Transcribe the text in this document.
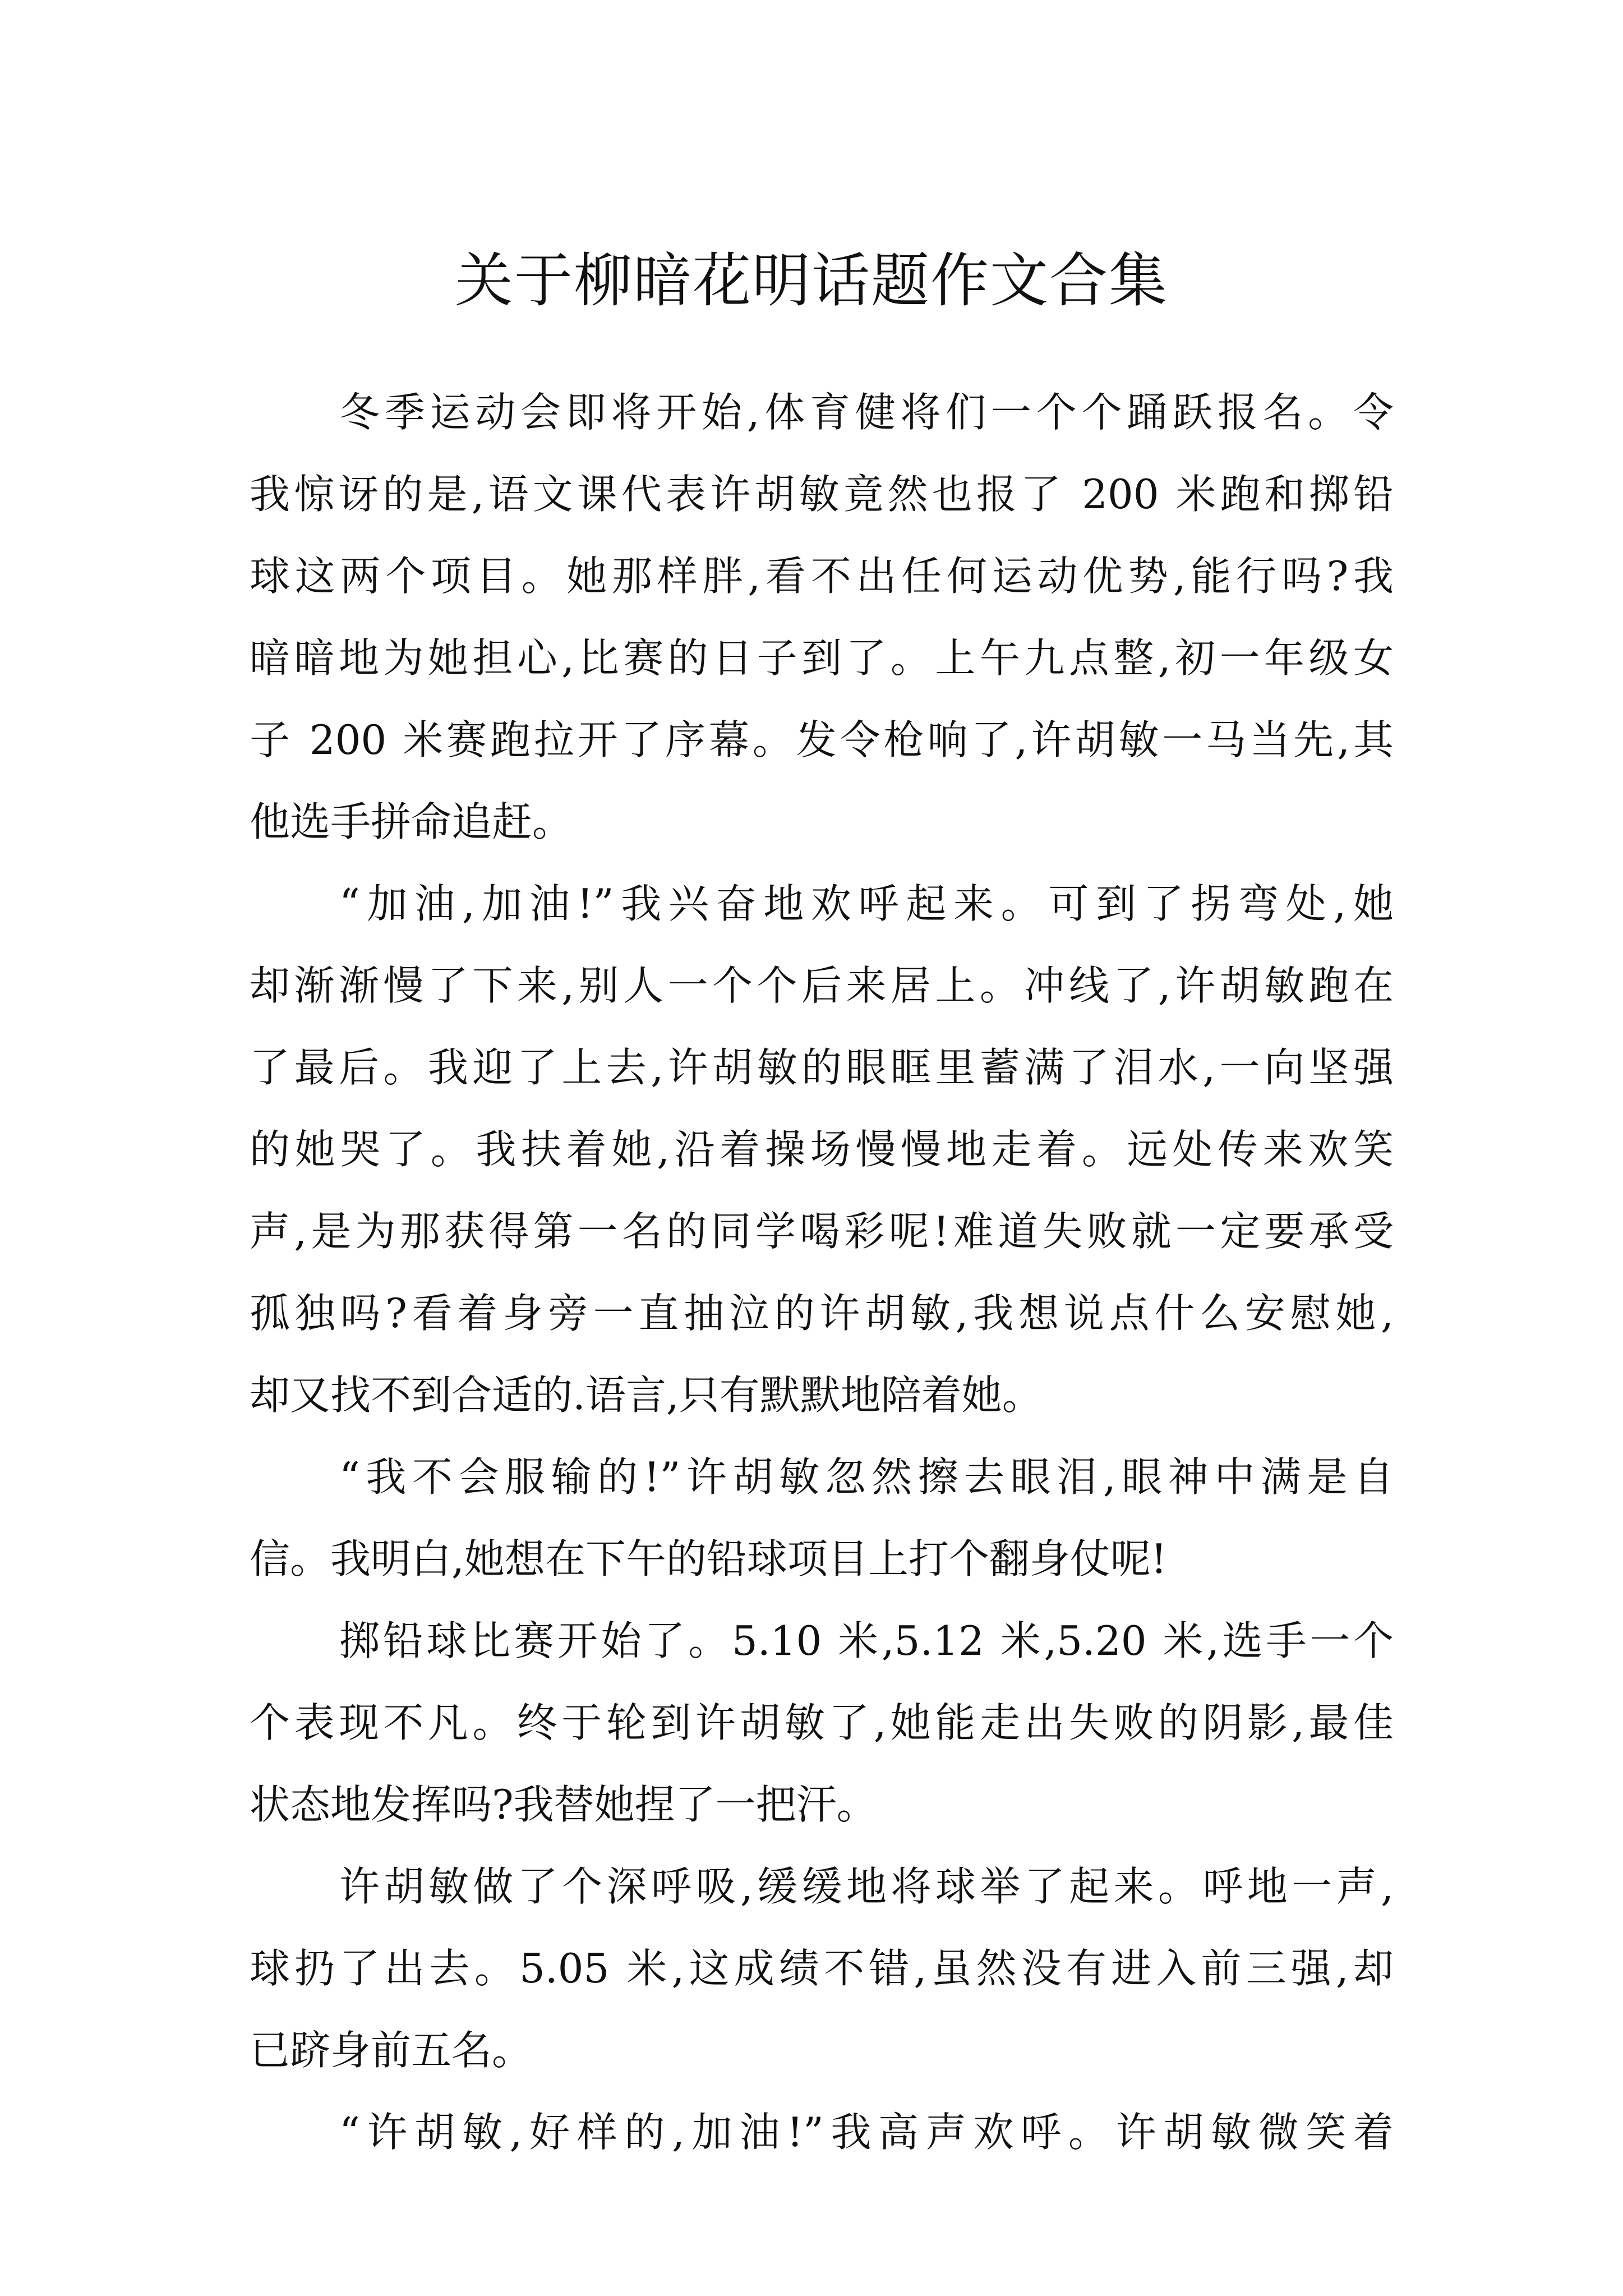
关于柳暗花明话题作文合集
冬季运动会即将开始,体育健将们一个个踊跃报名。令
我惊讶的是,语文课代表许胡敏竟然也报了 200 米跑和掷铅
球这两个项目。她那样胖,看不出任何运动优势,能行吗?我
暗暗地为她担心,比赛的日子到了。上午九点整,初一年级女
子 200 米赛跑拉开了序幕。发令枪响了,许胡敏一马当先,其
他选手拼命追赶。
“加油,加油!”我兴奋地欢呼起来。可到了拐弯处,她
却渐渐慢了下来,别人一个个后来居上。冲线了,许胡敏跑在
了最后。我迎了上去,许胡敏的眼眶里蓄满了泪水,一向坚强
的她哭了。我扶着她,沿着操场慢慢地走着。远处传来欢笑
声,是为那获得第一名的同学喝彩呢!难道失败就一定要承受
孤独吗?看着身旁一直抽泣的许胡敏,我想说点什么安慰她,
却又找不到合适的.语言,只有默默地陪着她。
“我不会服输的!”许胡敏忽然擦去眼泪,眼神中满是自
信。我明白,她想在下午的铅球项目上打个翻身仗呢!
掷铅球比赛开始了。5.10 米,5.12 米,5.20 米,选手一个
个表现不凡。终于轮到许胡敏了,她能走出失败的阴影,最佳
状态地发挥吗?我替她捏了一把汗。
许胡敏做了个深呼吸,缓缓地将球举了起来。呼地一声,
球扔了出去。5.05 米,这成绩不错,虽然没有进入前三强,却
已跻身前五名。
“许胡敏,好样的,加油!”我高声欢呼。许胡敏微笑着
